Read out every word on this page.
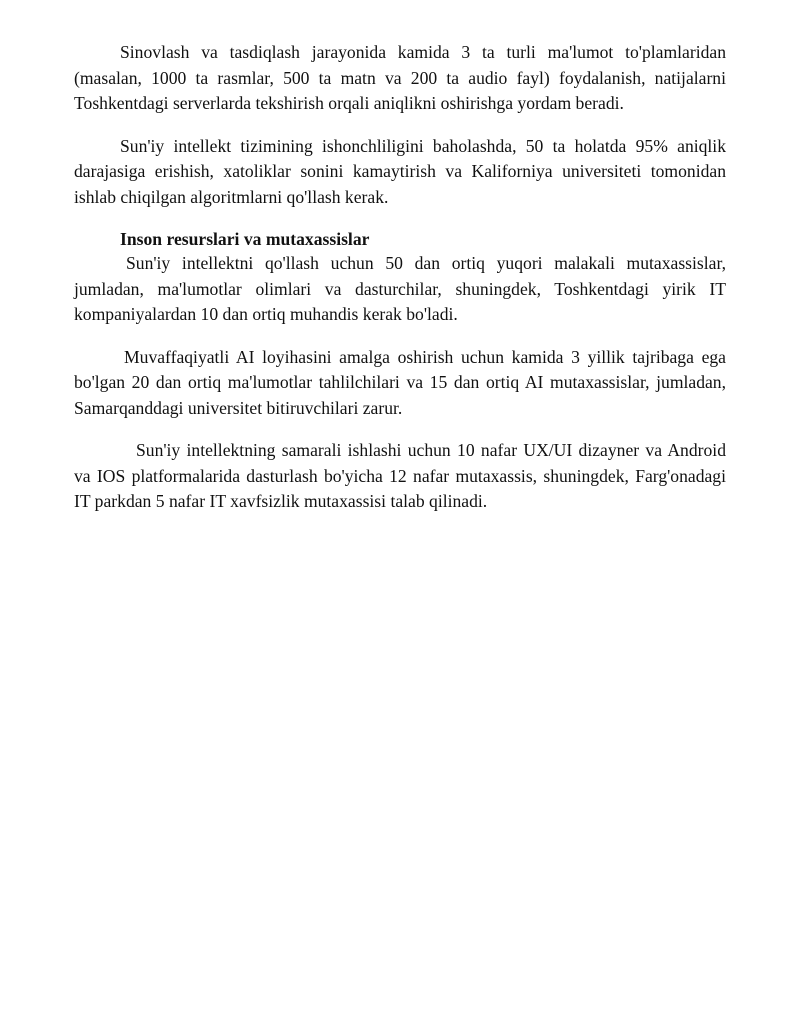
Sinovlash va tasdiqlash jarayonida kamida 3 ta turli ma'lumot to'plamlaridan (masalan, 1000 ta rasmlar, 500 ta matn va 200 ta audio fayl) foydalanish, natijalarni Toshkentdagi serverlarda tekshirish orqali aniqlikni oshirishga yordam beradi.

Sun'iy intellekt tizimining ishonchliligini baholashda, 50 ta holatda 95% aniqlik darajasiga erishish, xatoliklar sonini kamaytirish va Kaliforniya universiteti tomonidan ishlab chiqilgan algoritmlarni qo'llash kerak.

Inson resurslari va mutaxassislar

Sun'iy intellektni qo'llash uchun 50 dan ortiq yuqori malakali mutaxassislar, jumladan, ma'lumotlar olimlari va dasturchilar, shuningdek, Toshkentdagi yirik IT kompaniyalardan 10 dan ortiq muhandis kerak bo'ladi.

Muvaffaqiyatli AI loyihasini amalga oshirish uchun kamida 3 yillik tajribaga ega bo'lgan 20 dan ortiq ma'lumotlar tahlilchilari va 15 dan ortiq AI mutaxassislar, jumladan, Samarqanddagi universitet bitiruvchilari zarur.

Sun'iy intellektning samarali ishlashi uchun 10 nafar UX/UI dizayner va Android va IOS platformalarida dasturlash bo'yicha 12 nafar mutaxassis, shuningdek, Farg'onadagi IT parkdan 5 nafar IT xavfsizlik mutaxassisi talab qilinadi.
